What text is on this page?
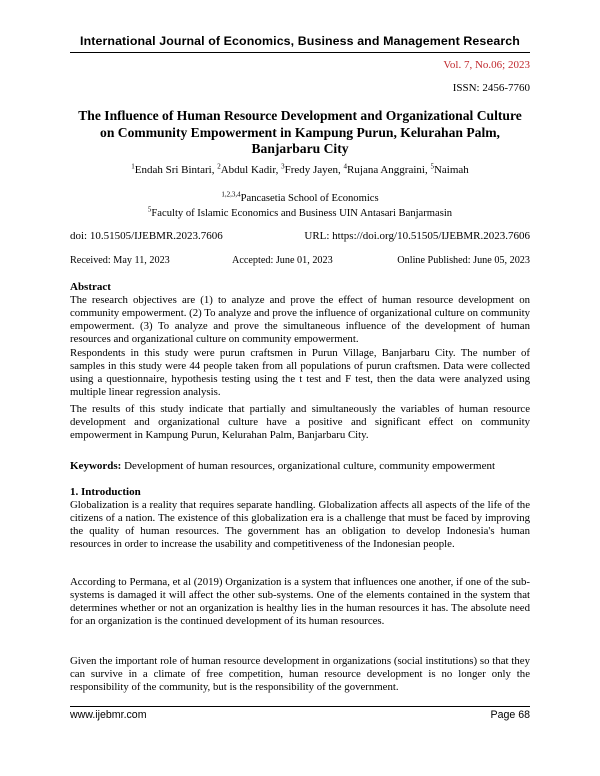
International Journal of Economics, Business and Management Research
Vol. 7, No.06; 2023
ISSN: 2456-7760
The Influence of Human Resource Development and Organizational Culture on Community Empowerment in Kampung Purun, Kelurahan Palm, Banjarbaru City
$^1$Endah Sri Bintari, $^2$Abdul Kadir, $^3$Fredy Jayen, $^4$Rujana Anggraini, $^5$Naimah
$^{1,2,3,4}$Pancasetia School of Economics
$^5$Faculty of Islamic Economics and Business UIN Antasari Banjarmasin
doi: 10.51505/IJEBMR.2023.7606	URL: https://doi.org/10.51505/IJEBMR.2023.7606
Received: May 11, 2023	Accepted: June 01, 2023	Online Published: June 05, 2023
Abstract

The research objectives are (1) to analyze and prove the effect of human resource development on community empowerment. (2) To analyze and prove the influence of organizational culture on community empowerment. (3) To analyze and prove the simultaneous influence of the development of human resources and organizational culture on community empowerment.

Respondents in this study were purun craftsmen in Purun Village, Banjarbaru City. The number of samples in this study were 44 people taken from all populations of purun craftsmen. Data were collected using a questionnaire, hypothesis testing using the t test and F test, then the data were analyzed using multiple linear regression analysis.

The results of this study indicate that partially and simultaneously the variables of human resource development and organizational culture have a positive and significant effect on community empowerment in Kampung Purun, Kelurahan Palm, Banjarbaru City.

Keywords: Development of human resources, organizational culture, community empowerment
1. Introduction

Globalization is a reality that requires separate handling. Globalization affects all aspects of the life of the citizens of a nation. The existence of this globalization era is a challenge that must be faced by improving the quality of human resources. The government has an obligation to develop Indonesia's human resources in order to increase the usability and competitiveness of the Indonesian people.

According to Permana, et al (2019) Organization is a system that influences one another, if one of the sub-systems is damaged it will affect the other sub-systems. One of the elements contained in the system that determines whether or not an organization is healthy lies in the human resources it has. The absolute need for an organization is the continued development of its human resources.

Given the important role of human resource development in organizations (social institutions) so that they can survive in a climate of free competition, human resource development is no longer only the responsibility of the community, but is the responsibility of the government.

www.ijebmr.com	Page 68
